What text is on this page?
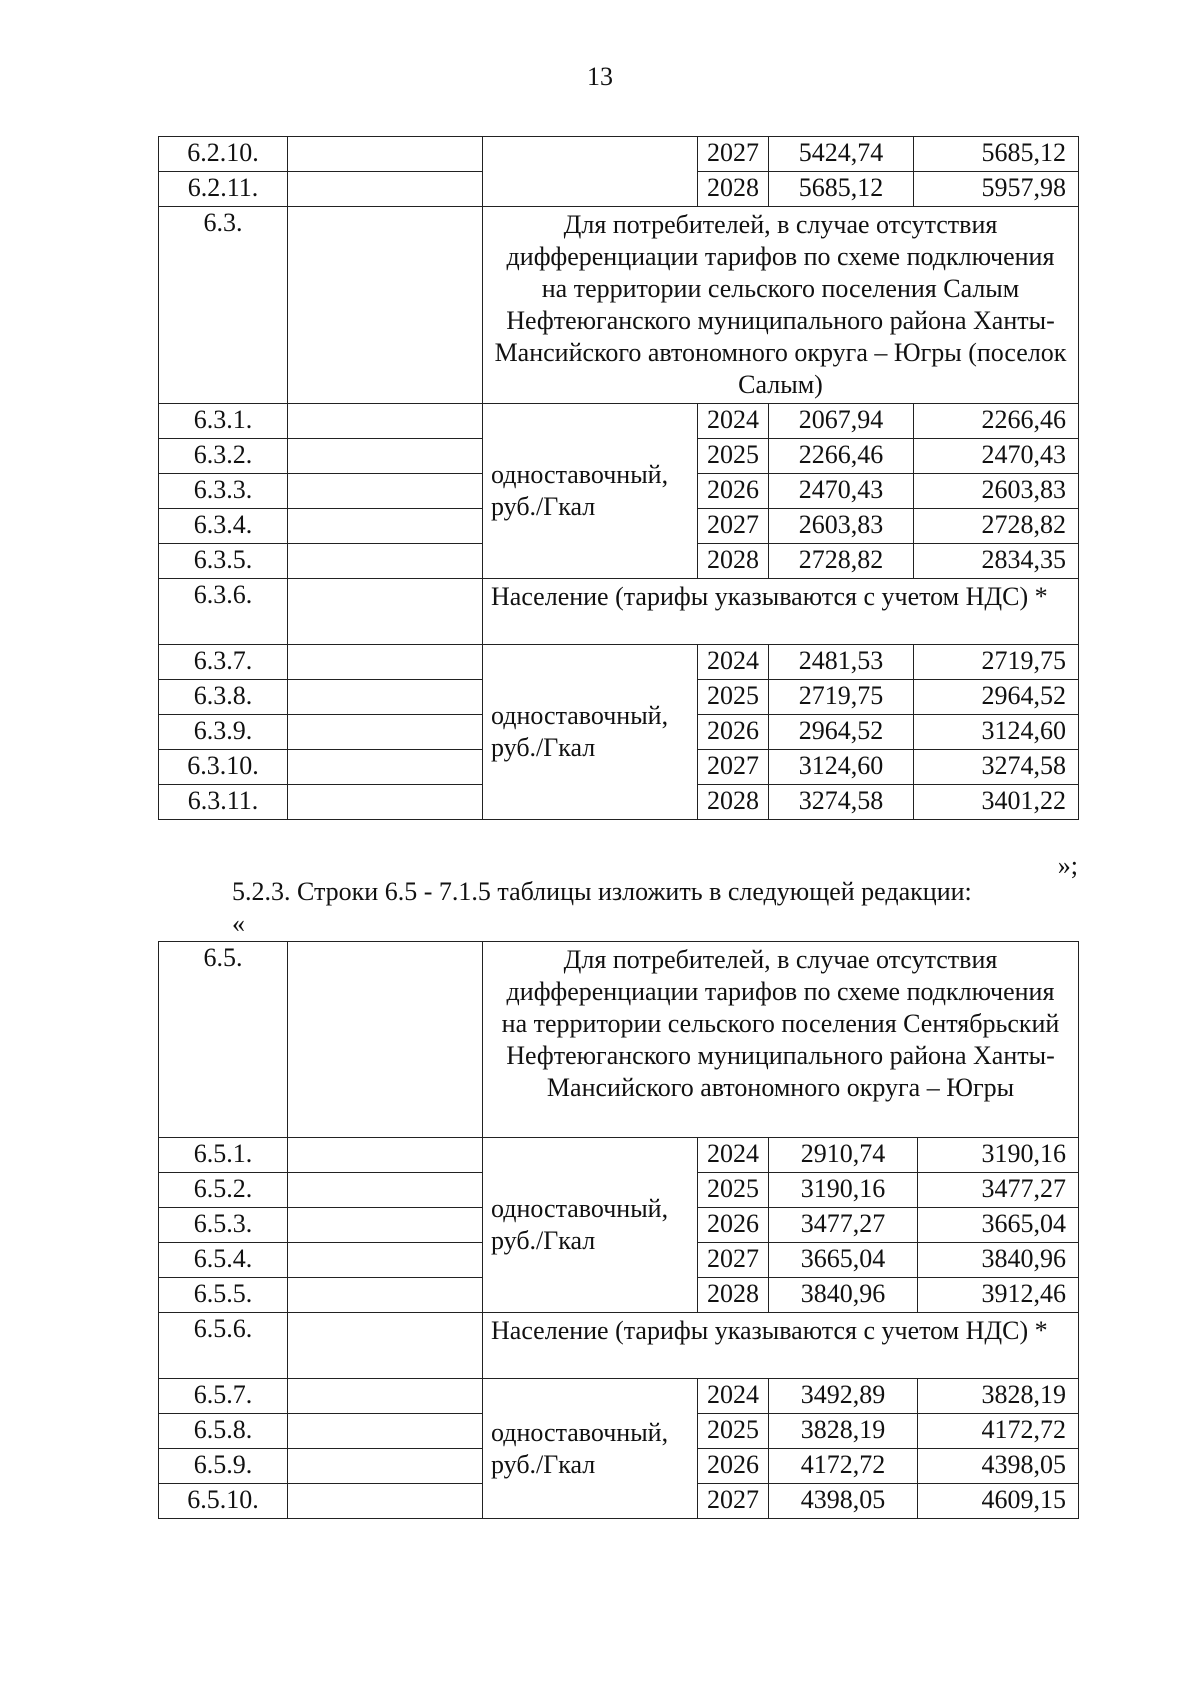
13
6.2.10.			2027	5424,74	5685,12
6.2.11.			2028	5685,12	5957,98
6.3.		Для потребителей, в случае отсутствия дифференциации тарифов по схеме подключения на территории сельского поселения Салым Нефтеюганского муниципального района Ханты-Мансийского автономного округа – Югры (поселок Салым)			
6.3.1.		одноставочный, руб./Гкал	2024	2067,94	2266,46
6.3.2.			2025	2266,46	2470,43
6.3.3.			2026	2470,43	2603,83
6.3.4.			2027	2603,83	2728,82
6.3.5.			2028	2728,82	2834,35
6.3.6.		Население (тарифы указываются с учетом НДС) *			
6.3.7.		одноставочный, руб./Гкал	2024	2481,53	2719,75
6.3.8.			2025	2719,75	2964,52
6.3.9.			2026	2964,52	3124,60
6.3.10.			2027	3124,60	3274,58
6.3.11.			2028	3274,58	3401,22
»;
5.2.3. Строки 6.5 - 7.1.5 таблицы изложить в следующей редакции:
«
6.5.		Для потребителей, в случае отсутствия дифференциации тарифов по схеме подключения на территории сельского поселения Сентябрьский Нефтеюганского муниципального района Ханты-Мансийского автономного округа – Югры			
6.5.1.		одноставочный, руб./Гкал	2024	2910,74	3190,16
6.5.2.			2025	3190,16	3477,27
6.5.3.			2026	3477,27	3665,04
6.5.4.			2027	3665,04	3840,96
6.5.5.			2028	3840,96	3912,46
6.5.6.		Население (тарифы указываются с учетом НДС) *			
6.5.7.		одноставочный, руб./Гкал	2024	3492,89	3828,19
6.5.8.			2025	3828,19	4172,72
6.5.9.			2026	4172,72	4398,05
6.5.10.			2027	4398,05	4609,15
